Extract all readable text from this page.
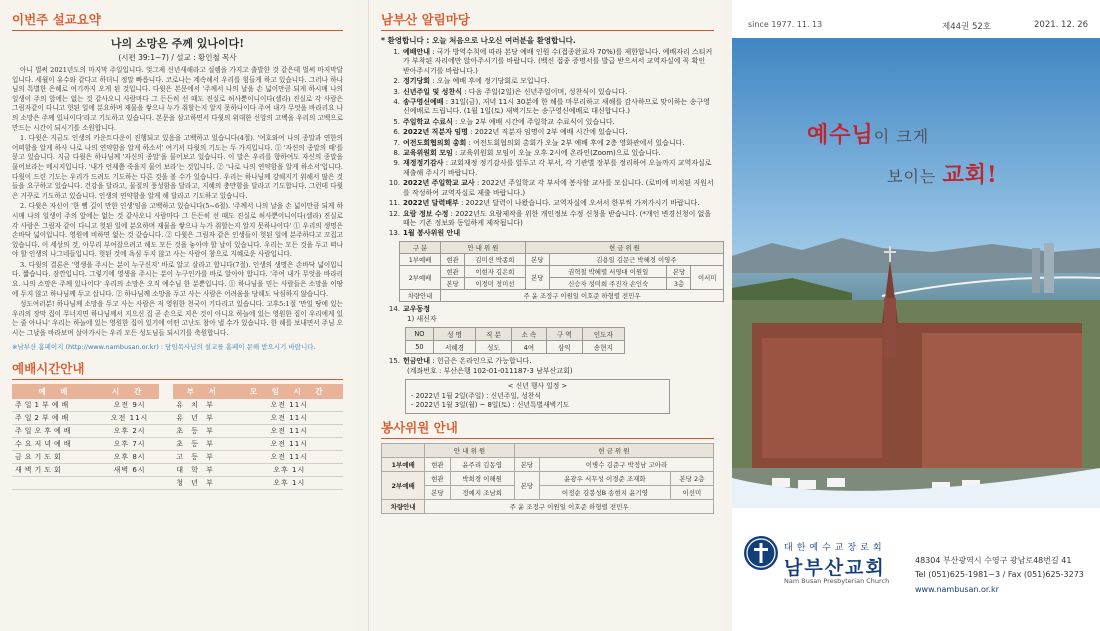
이번주 설교요약
나의 소망은 주께 있나이다!
(시편 39:1~7) / 설교 : 황인철 목사

아니 벌써 2021년도의 마지막 주일입니다. 엊그제 신년새해라고 설렘을 가지고 출발한 것 같은데 벌써 마지막달입니다. 세월이 유수와 같다고 하더니 정말 빠릅니다. 코로나는 계속해서 우리를 힘들게 하고 있습니다. 그러나 하나님의 특별한 은혜로 여기까지 오게 된 것입니다. 다윗은 본문에서 '주께서 나의 날을 손 넓이만큼 되게 하시매 나의 일생이 주의 앞에는 없는 것 같사오니 사람마다 그 든든히 선 때도 진실로 허사뿐이니이다(셀라) 진실로 각 사람은 그림자같이 다니고 헛된 일에 분요하며 재물을 쌓으나 누가 취할는지 알지 못하나이다 주여 내가 무엇을 바라리요 나의 소망은 주께 있나이다'라고 기도하고 있습니다. 본문을 삼고하면서 다윗의 위대한 신앙의 고백을 우리의 고백으로 만드는 시간이 되시기를 소원합니다.

1. 다윗은 지금도 인생의 카운트다운이 진행되고 있음을 고백하고 있습니다(4절). '여호와여 나의 종말과 연한의 어떠함을 알게 하사 나로 나의 연약함을 알게 하소서' 여기서 다윗의 기도는 두 가지입니다. ① '자신의 종말의 때'를 묻고 있습니다. 지금 다윗은 하나님께 '자신의 종말'을 물어보고 있습니다. 이 말은 우리를 향하여도 자신의 종말을 물어보라는 메시지입니다. '내가 언제쯤 죽을지 물어 보라'는 것입니다. ② '나로 나의 연약함을 알게 하소서'입니다. 다윗이 드린 기도는 우리가 드려도 기도하는 다른 것을 볼 수가 있습니다. 우리는 하나님께 강해지기 위해서 많은 것들을 요구하고 있습니다. 건강을 달라고, 물질의 풍성함을 달라고, 지혜의 충만함을 달라고 기도합니다. 그런데 다윗은 거꾸로 기도하고 있습니다. 인생의 연약함을 알게 해 달라고 기도하고 있습니다.

2. 다윗은 자신이 '한 뼘 길이 만한 인생'임을 고백하고 있습니다(5~6절). '주께서 나의 날을 손 넓이만큼 되게 하시매 나의 일생이 주의 앞에는 없는 것 같사오니 사람마다 그 든든히 선 때도 진실로 허사뿐이니이다(셀라) 진실로 각 사람은 그림자 같이 다니고 헛된 일에 분요하며 재물을 쌓으나 누가 취할는지 알지 못하나이다' ① 우리의 생명은 손바닥 넓이입니다. 영원에 비하면 없는 것 같습니다. ② 다윗은 그림자 같은 인생들이 헛된 일에 분주하다고 꼬집고 있습니다. 이 세상의 것, 아무리 부여잡으려고 해도 모든 것을 놓아야 할 날이 있습니다. 우리는 모든 것을 두고 떠나야 할 인생의 나그네들입니다. 헛된 것에 욕심 두지 않고 사는 사람이 참으로 지혜로운 사람입니다.

3. 다윗의 결론은 '영생을 주시는 분이 누구신지' 바로 알고 살라고 합니다(7절). 인생의 생명은 손바닥 넓이입니다. 짧습니다. 잠깐입니다. 그렇기에 영생을 주시는 분이 누구인가를 바로 알아야 합니다. '주여 내가 무엇을 바라리요. 나의 소망은 주께 있나이다' 우리의 소망은 오직 예수님 한 분뿐입니다. ① 하나님을 믿는 사람들은 소망을 이땅에 두지 않고 하나님께 두고 삽니다. ② 하나님께 소망을 두고 사는 사람은 어려움을 당해도 낙심하지 않습니다.

성도여러분! 하나님께 소망을 두고 사는 사람은 저 영원한 천국이 기다리고 있습니다. 고후5:1절 '만일 땅에 있는 우리의 장막 집이 무너지면 하나님께서 지으신 집 곧 손으로 지은 것이 아니요 하늘에 있는 영원한 집이 우리에게 있는 줄 아나니' 우리는 하늘에 있는 영원한 집이 있기에 어떤 고난도 참아 낼 수가 있습니다. 한 해를 보내면서 주님 오시는 그날을 바라보며 살아가시는 우리 모든 성도님들 되시기를 축원합니다.

※남부산 홈페이지 (http://www.nambusan.or.kr) : 담임목사님의 설교를 홈페이 문해 받으시기 바랍니다.
예배시간안내
예 배	시 간		부 서	모 임 시 간
주일1부예배	오전 9시		유 치 부	오전 11시
주일2부예배	오전 11시		유 년 부	오전 11시
주일오후예배	오후 2시		초 등 부	오전 11시
수요저녁예배	오후 7시		초 등 부	오전 11시
금요기도회	오후 8시		고 등 부	오전 11시
새벽기도회	새벽 6시		대 학 부	오후 1시
			청 년 부	오후 1시
남부산 알림마당
* 환영합니다 : 오늘 처음으로 나오신 여러분을 환영합니다.
1. 예배안내 : 국가 방역수칙에 따라 본당 예배 인원 수(접종완료자 70%)를 제한합니다. 예배자리 스티커가 부착된 자리에만 앉아주시기를 바랍니다. (백신 접종 증명서를 발급 받으셔서 교역자실에 꼭 확인 받아주시기를 바랍니다.)
2. 정기당회 : 오늘 예배 후에 정기당회로 모입니다.
3. 신년주일 및 성찬식 : 다음 주일(2일)은 신년주일이며, 성찬식이 있습니다.
4. 송구영신예배 : 31일(금), 저녁 11시 30분에 한 해를 마무리하고 새해를 감사하므로 맞이하는 송구영신예배로 드립니다. (1월 1일(토) 새벽기도는 송구영신예배로 대신합니다.)
5. 주일학교 수료식 : 오늘 2부 예배 시간에 주일학교 수료식이 있습니다.
6. 2022년 직분자 임명 : 2022년 직분자 임명이 2부 예배 시간에 있습니다.
7. 여전도회협의회 총회 : 여전도회협의회 총회가 오늘 2부 예배 후에 2층 영화관에서 있습니다.
8. 교육위원회 모임 : 교육위원회 모임이 오늘 오후 2시에 온라인(Zoom)으로 있습니다.
9. 재정정기감사 : 교회재정 정기감사를 앞두고 각 부서, 각 기관별 장부를 정리하여 오늘까지 교역자실로 제출해 주시기 바랍니다.
10. 2022년 주일학교 교사 : 2022년 주일학교 각 부서에 봉사할 교사를 모십니다. (로비에 비치된 지원서를 작성하여 교역자실로 제출 바랍니다.)
11. 2022년 달력배부 : 2022년 달력이 나왔습니다. 교역자실에 오셔서 한부씩 가져가시기 바랍니다.
12. 요람 정보 수정 : 2022년도 요람제작을 위한 개인정보 수정 신청을 받습니다. (*개인 변경신청이 없을 때는 기존 정보와 동일하게 제작됩니다)
13. 1월 봉사위원 안내
구 분	안 내 위 원		헌 금 위 원			
1부예배	현관	김미선 박종희	본당	김용일 김문근 박혜경 이영주		
2부예배	현관	이현자 김은희	본당	권혁철 박혜렬 서영대 이원일	본당	이서미
	본당	이경미 정미선		신승자 성미희 주진자 손인숙	3층	
차량안내	주 윤 조정구 이원일 이호준 하형렬 전민우					
14. 교우동정
1) 새신자
NO	성 명	직 분	소 속	구 역	인도자
50	서혜경	성도	4여	삼익	송현지
15. 헌금안내 : 헌금은 온라인으로 가능합니다.
(계좌번호 : 부산은행 102-01-011187-3 남부산교회)
< 신년 행사 일정 >
- 2022년 1월 2일(주일) : 신년주일, 성찬식
- 2022년 1월 3일(월) ~ 8일(토) : 신년특별새벽기도
봉사위원 안내
	안 내 위 원		헌 금 위 원		
1부예배	현관	윤주리 김동엽	본당	이병수 김준구 박정남 고아라	
2부예배	현관	박희경 이해원	본당	윤광우 서무성 이경준 조재화	본당 2층
	본당	정예지 조남희		이정순 김봉성B 송현지 윤기영	이선미
차량안내	주 윤 조정구 이원일 이호준 하형렬 전민우				
since 1977. 11. 13	제44권 52호	2021. 12. 26
예수님이 크게
보이는 교회!
대한예수교장로회
남부산교회
Nam Busan Presbyterian Church
48304 부산광역시 수영구 광남로48번길 41
Tel (051)625-1981~3 / Fax (051)625-3273
www.nambusan.or.kr
